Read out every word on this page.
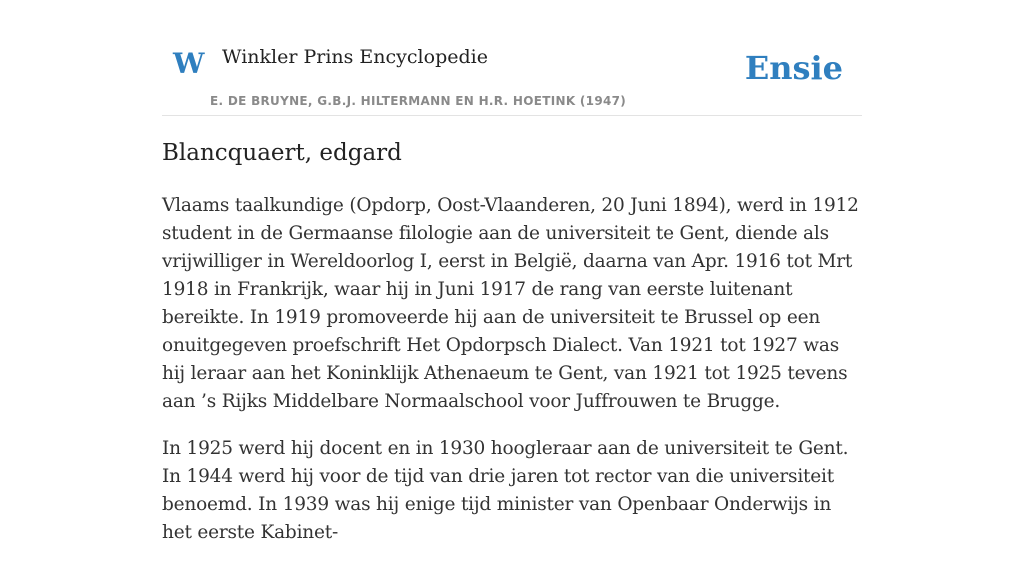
W Winkler Prins Encyclopedie
E. DE BRUYNE, G.B.J. HILTERMANN EN H.R. HOETINK (1947)
Ensie
Blancquaert, edgard

Vlaams taalkundige (Opdorp, Oost-Vlaanderen, 20 Juni 1894), werd in 1912 student in de Germaanse filologie aan de universiteit te Gent, diende als vrijwilliger in Wereldoorlog I, eerst in België, daarna van Apr. 1916 tot Mrt 1918 in Frankrijk, waar hij in Juni 1917 de rang van eerste luitenant bereikte. In 1919 promoveerde hij aan de universiteit te Brussel op een onuitgegeven proefschrift Het Opdorpsch Dialect. Van 1921 tot 1927 was hij leraar aan het Koninklijk Athenaeum te Gent, van 1921 tot 1925 tevens aan ’s Rijks Middelbare Normaalschool voor Juffrouwen te Brugge.

In 1925 werd hij docent en in 1930 hoogleraar aan de universiteit te Gent. In 1944 werd hij voor de tijd van drie jaren tot rector van die universiteit benoemd. In 1939 was hij enige tijd minister van Openbaar Onderwijs in het eerste Kabinet-
